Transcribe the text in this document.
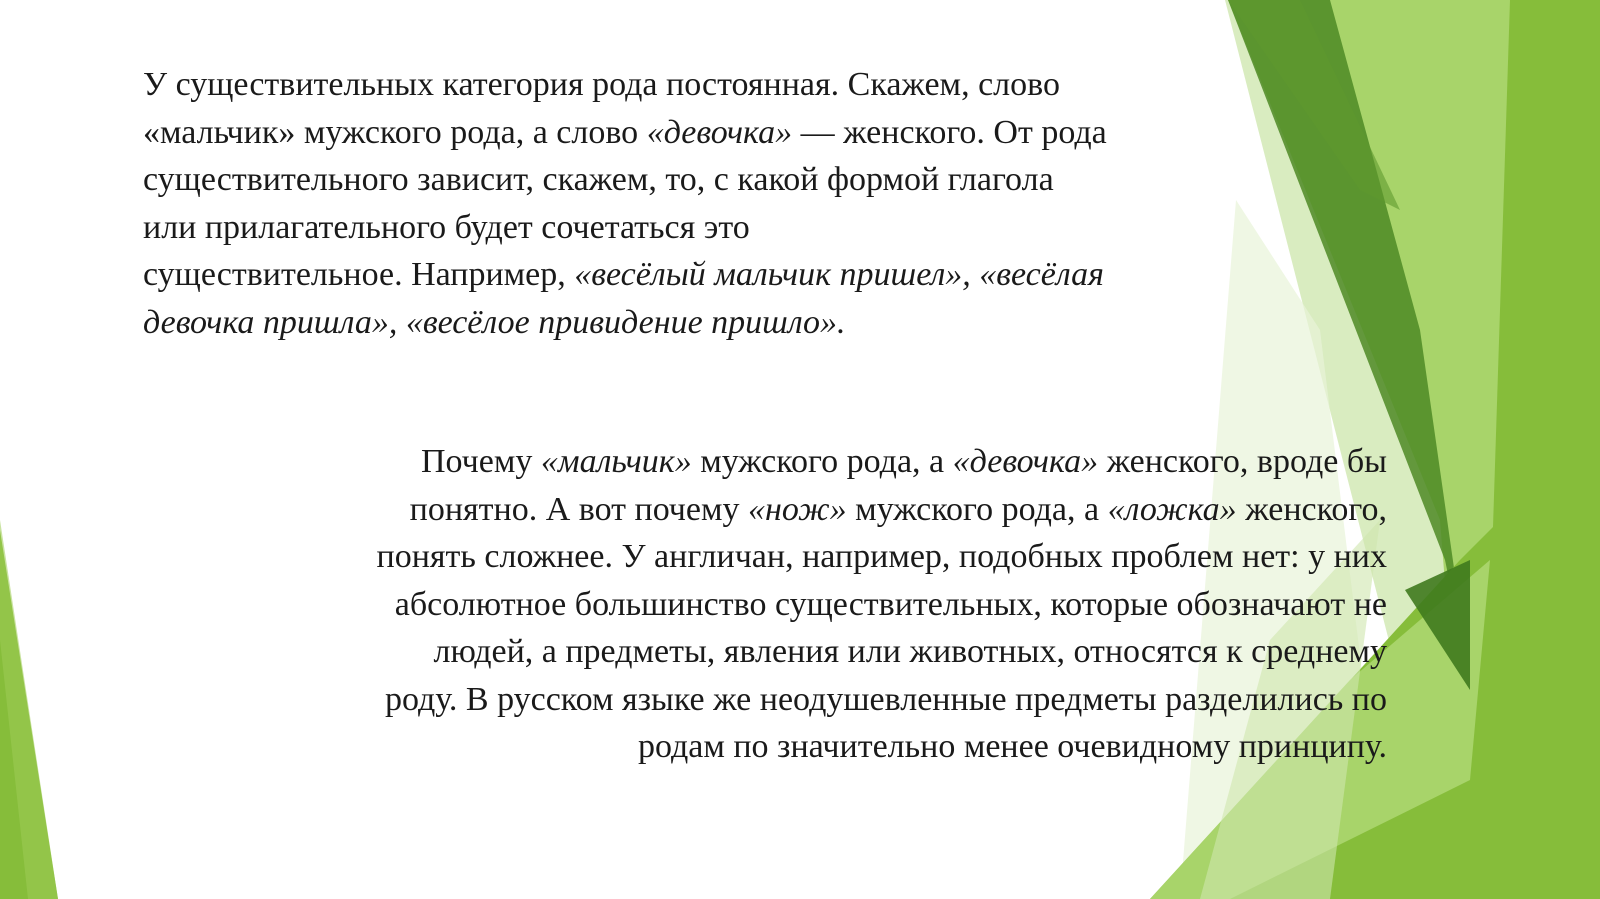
У существительных категория рода постоянная. Скажем, слово
«мальчик» мужского рода, а слово «девочка» — женского. От рода
существительного зависит, скажем, то, с какой формой глагола
или прилагательного будет сочетаться это
существительное. Например, «весёлый мальчик пришел», «весёлая
девочка пришла», «весёлое привидение пришло».

Почему «мальчик» мужского рода, а «девочка» женского, вроде бы
понятно. А вот почему «нож» мужского рода, а «ложка» женского,
понять сложнее. У англичан, например, подобных проблем нет: у них
абсолютное большинство существительных, которые обозначают не
людей, а предметы, явления или животных, относятся к среднему
роду. В русском языке же неодушевленные предметы разделились по
родам по значительно менее очевидному принципу.
